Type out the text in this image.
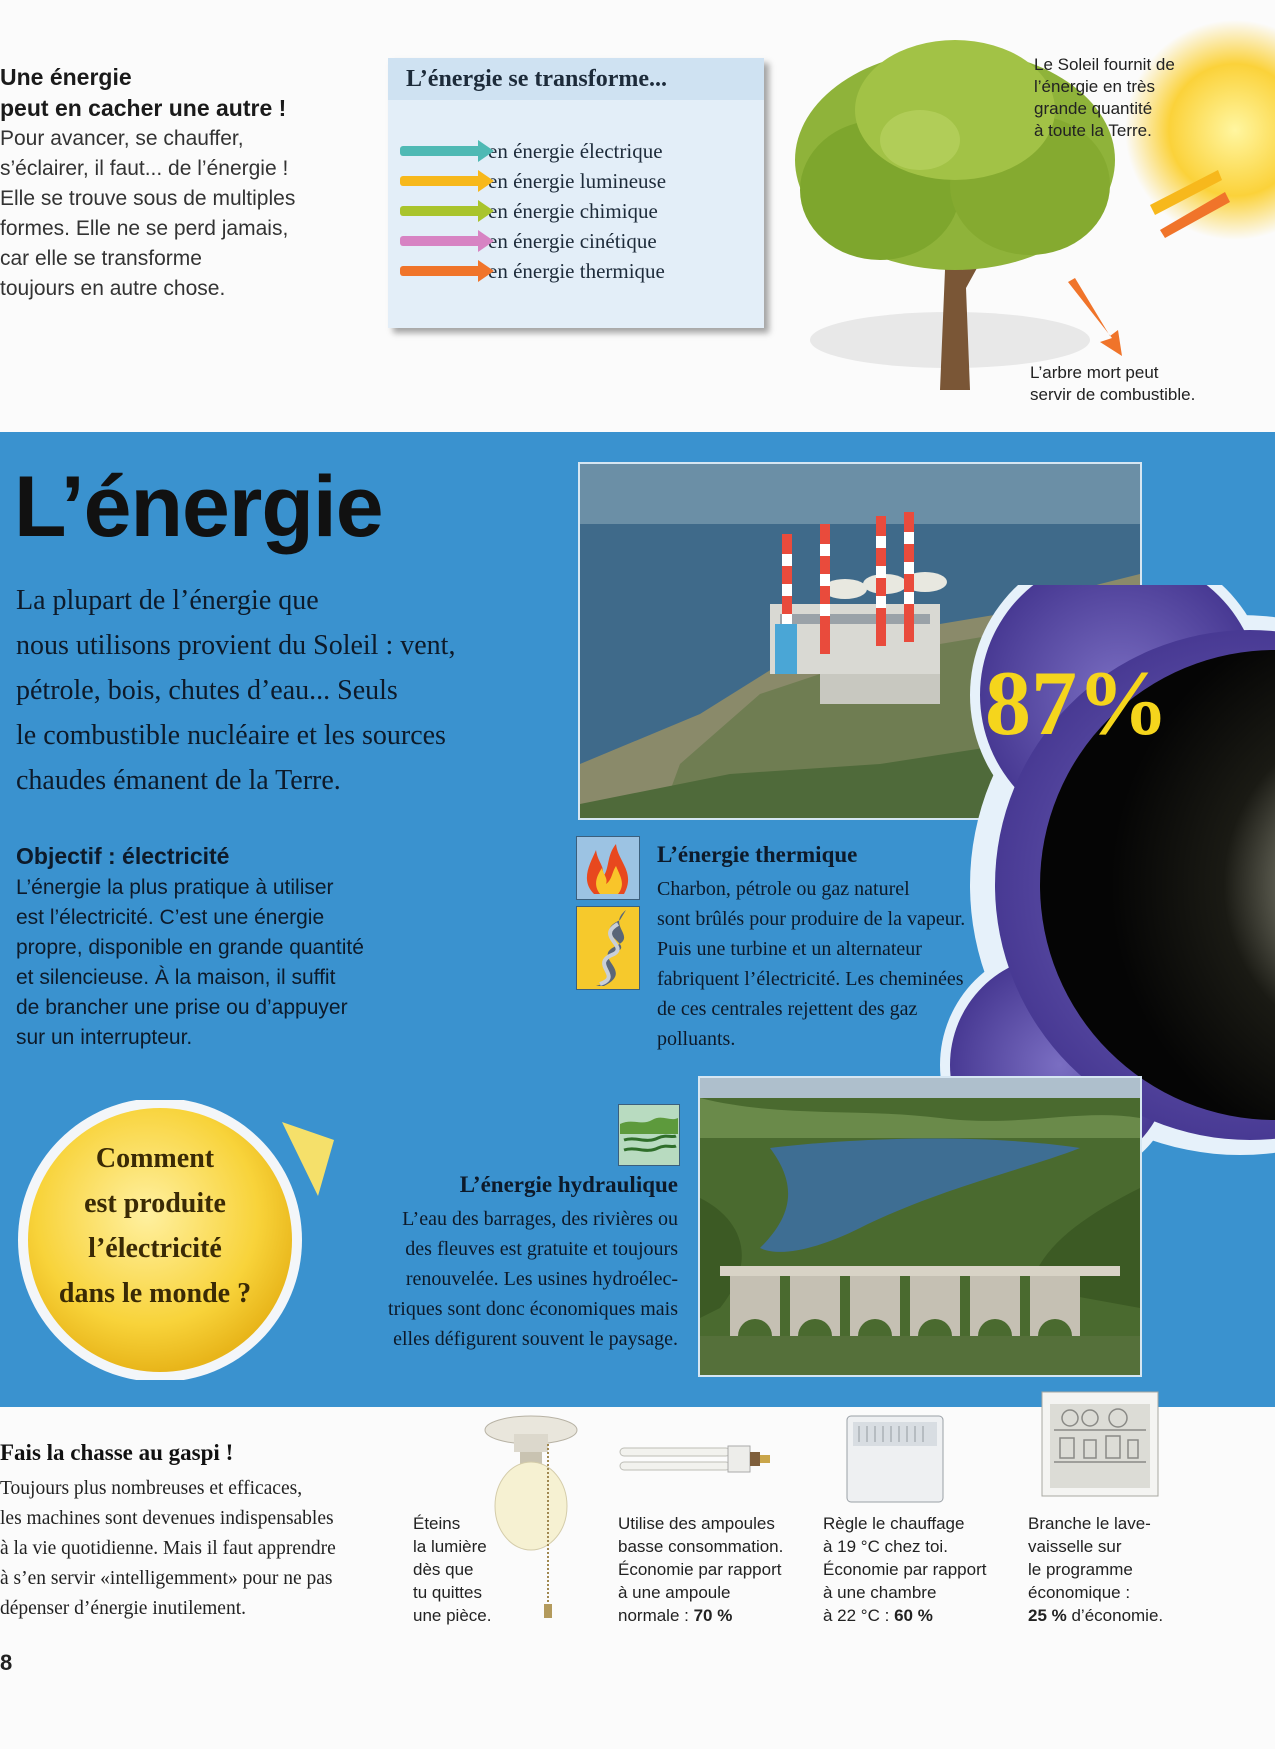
Une énergie
peut en cacher une autre !

Pour avancer, se chauffer,

s’éclairer, il faut... de l’énergie !

Elle se trouve sous de multiples

formes. Elle ne se perd jamais,

car elle se transforme

toujours en autre chose.

L’énergie se transforme...
en énergie électrique
en énergie lumineuse
en énergie chimique
en énergie cinétique
en énergie thermique
Le Soleil fournit de
l’énergie en très
grande quantité
à toute la Terre.
L’arbre mort peut
servir de combustible.
L’énergie
La plupart de l’énergie que
nous utilisons provient du Soleil : vent,
pétrole, bois, chutes d’eau... Seuls
le combustible nucléaire et les sources
chaudes émanent de la Terre.
Objectif : électricité
L’énergie la plus pratique à utiliser
est l’électricité. C’est une énergie
propre, disponible en grande quantité
et silencieuse. À la maison, il suffit
de brancher une prise ou d’appuyer
sur un interrupteur.
87%
L’énergie thermique
Charbon, pétrole ou gaz naturel
sont brûlés pour produire de la vapeur.
Puis une turbine et un alternateur
fabriquent l’électricité. Les cheminées
de ces centrales rejettent des gaz
polluants.
L’énergie hydraulique
L’eau des barrages, des rivières ou
des fleuves est gratuite et toujours
renouvelée. Les usines hydroélec-
triques sont donc économiques mais
elles défigurent souvent le paysage.
Comment
est produite
l’électricité
dans le monde ?
Fais la chasse au gaspi !
Toujours plus nombreuses et efficaces,
les machines sont devenues indispensables
à la vie quotidienne. Mais il faut apprendre
à s’en servir «intelligemment» pour ne pas
dépenser d’énergie inutilement.
Éteins
la lumière
dès que
tu quittes
une pièce.
Utilise des ampoules
basse consommation.
Économie par rapport
à une ampoule
normale : 70 %
Règle le chauffage
à 19 °C chez toi.
Économie par rapport
à une chambre
à 22 °C : 60 %
Branche le lave-
vaisselle sur
le programme
économique :
25 % d’économie.
8
